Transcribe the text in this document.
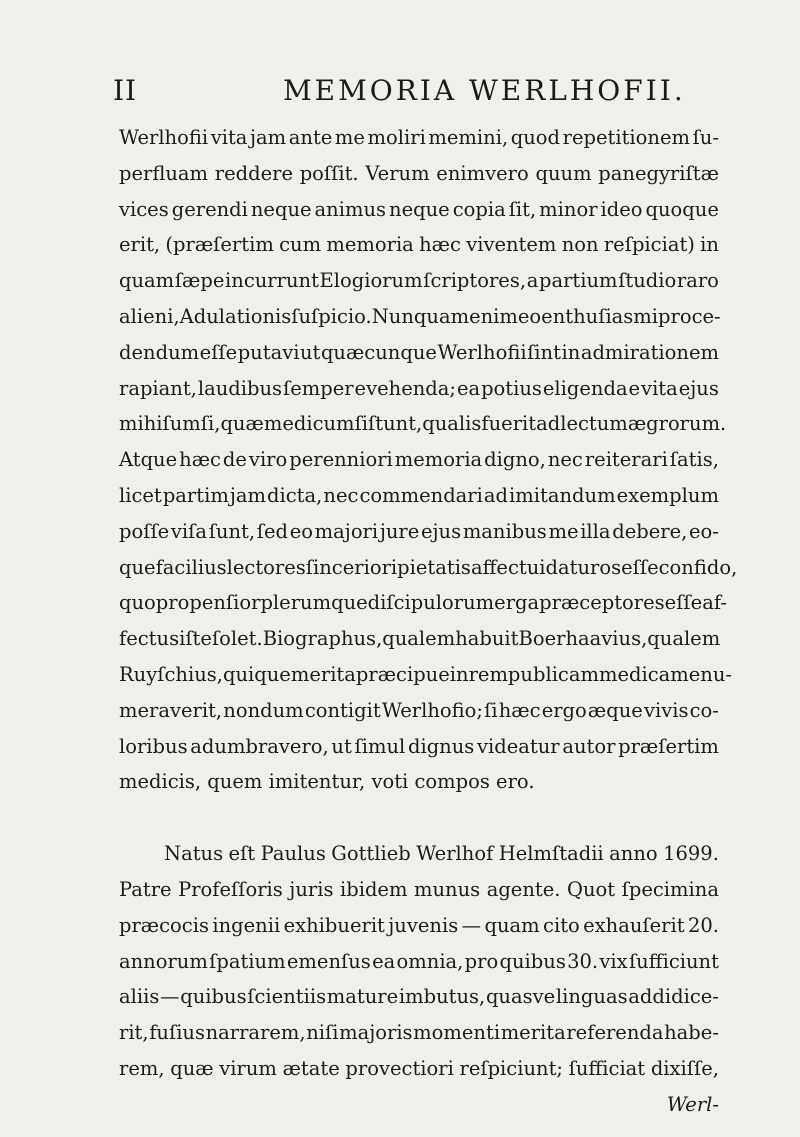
II	MEMORIA WERLHOFII.
Werlhofii vita jam ante me moliri memini, quod repetitionem ſu-
perfluam reddere poſſit. Verum enimvero quum panegyriſtæ
vices gerendi neque animus neque copia ſit, minor ideo quoque
erit, (præſertim cum memoria hæc viventem non reſpiciat) in
quam ſæpe incurrunt Elogiorum ſcriptores, a partium ſtudio raro
alieni, Adulationis ſuſpicio. Nunquam enim eo enthuſiasmi proce-
dendum eſſe putavi ut quæcunque Werlhofii ſint in admirationem
rapiant, laudibus ſemper evehenda; ea potius eligenda e vita ejus
mihi ſumſi, quæ medicum ſiſtunt, qualis fuerit ad lectum ægrorum.
Atque hæc de viro perenniori memoria digno, nec reiterari ſatis,
licet partim jam dicta, nec commendari ad imitandum exemplum
poſſe viſa ſunt, ſed eo majori jure ejus manibus me illa debere, eo-
que facilius lectores ſinceriori pietatis affectui daturos eſſe confido,
quo propenſior plerumque diſcipulorum erga præceptores eſſe af-
fectus iſte ſolet. Biographus, qualem habuit Boerhaavius, qualem
Ruyſchius, quique merita præcipue in rempublicam medicam enu-
meraverit, nondum contigit Werlhofio; ſi hæc ergo æque vivis co-
loribus adumbravero, ut ſimul dignus videatur autor præſertim
medicis, quem imitentur, voti compos ero.
Natus eſt Paulus Gottlieb Werlhof Helmſtadii anno 1699.
Patre Profeſſoris juris ibidem munus agente. Quot ſpecimina
præcocis ingenii exhibuerit juvenis — quam cito exhauſerit 20.
annorum ſpatium emenſus ea omnia, pro quibus 30. vix ſufficiunt
aliis — quibus ſcientiis mature imbutus, quasve linguas addidice-
rit, fuſius narrarem, niſi majoris momenti merita referenda habe-
rem, quæ virum ætate provectiori reſpiciunt; ſufficiat dixiſſe,
Werl-
